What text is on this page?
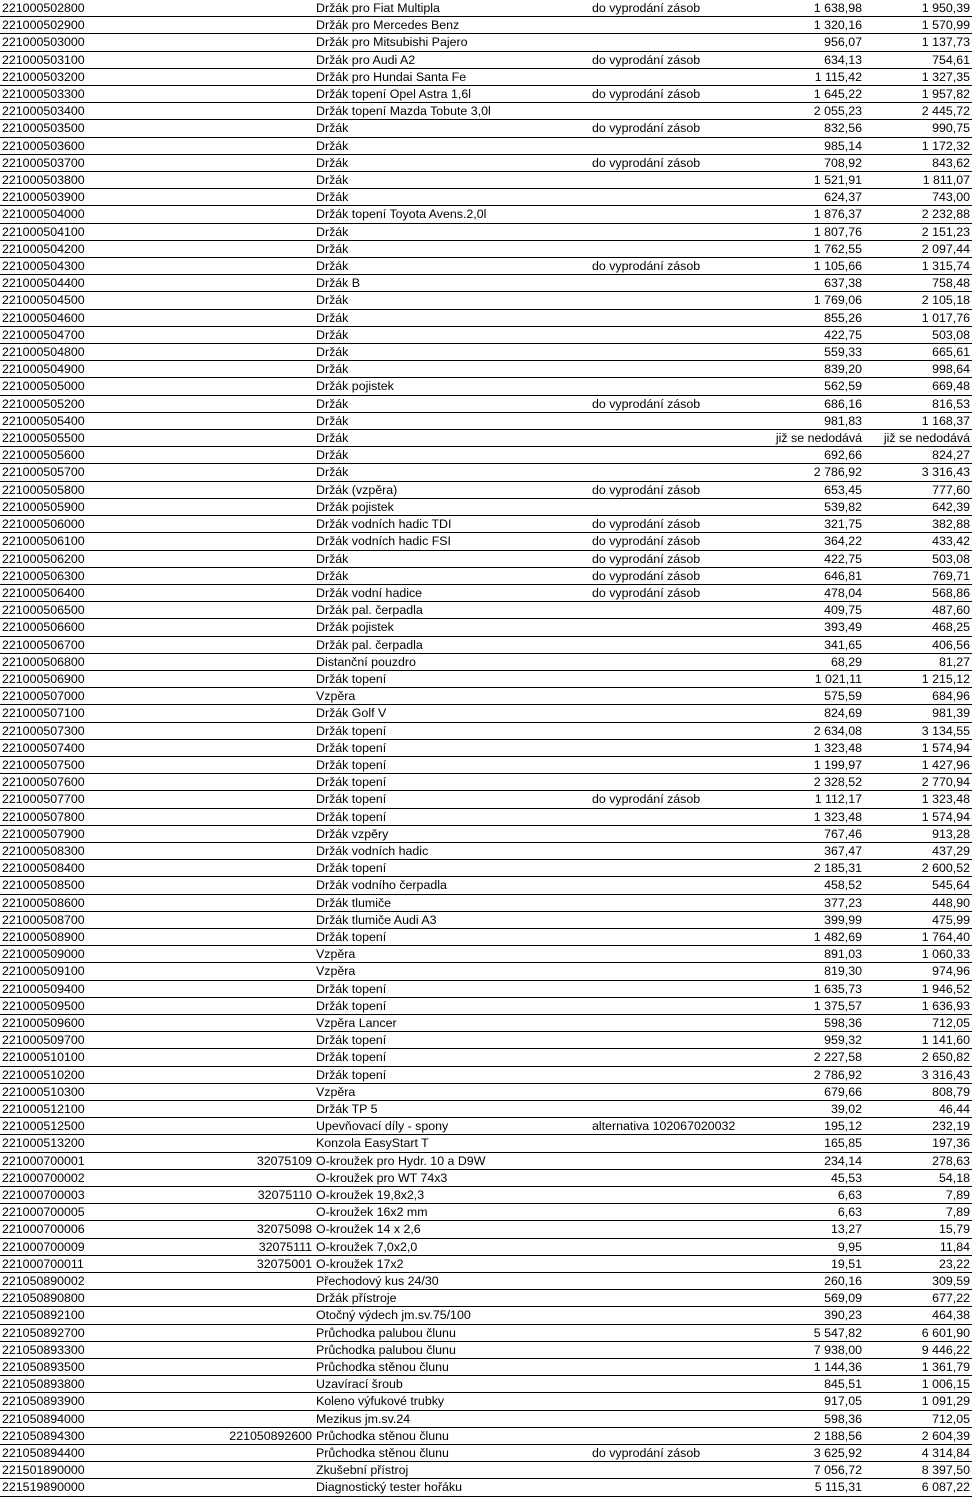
221000502800		Držák pro Fiat Multipla	do vyprodání zásob	1 638,98	1 950,39
221000502900		Držák pro Mercedes Benz		1 320,16	1 570,99
221000503000		Držák pro Mitsubishi Pajero		956,07	1 137,73
221000503100		Držák pro Audi A2	do vyprodání zásob	634,13	754,61
221000503200		Držák pro Hundai Santa Fe		1 115,42	1 327,35
221000503300		Držák topení Opel Astra 1,6l	do vyprodání zásob	1 645,22	1 957,82
221000503400		Držák topení Mazda Tobute 3,0l		2 055,23	2 445,72
221000503500		Držák	do vyprodání zásob	832,56	990,75
221000503600		Držák		985,14	1 172,32
221000503700		Držák	do vyprodání zásob	708,92	843,62
221000503800		Držák		1 521,91	1 811,07
221000503900		Držák		624,37	743,00
221000504000		Držák topení Toyota Avens.2,0l		1 876,37	2 232,88
221000504100		Držák		1 807,76	2 151,23
221000504200		Držák		1 762,55	2 097,44
221000504300		Držák	do vyprodání zásob	1 105,66	1 315,74
221000504400		Držák B		637,38	758,48
221000504500		Držák		1 769,06	2 105,18
221000504600		Držák		855,26	1 017,76
221000504700		Držák		422,75	503,08
221000504800		Držák		559,33	665,61
221000504900		Držák		839,20	998,64
221000505000		Držák pojistek		562,59	669,48
221000505200		Držák	do vyprodání zásob	686,16	816,53
221000505400		Držák		981,83	1 168,37
221000505500		Držák		již se nedodává	již se nedodává
221000505600		Držák		692,66	824,27
221000505700		Držák		2 786,92	3 316,43
221000505800		Držák (vzpěra)	do vyprodání zásob	653,45	777,60
221000505900		Držák pojistek		539,82	642,39
221000506000		Držák vodních hadic TDI	do vyprodání zásob	321,75	382,88
221000506100		Držák vodních hadic FSI	do vyprodání zásob	364,22	433,42
221000506200		Držák	do vyprodání zásob	422,75	503,08
221000506300		Držák	do vyprodání zásob	646,81	769,71
221000506400		Držák vodní hadice	do vyprodání zásob	478,04	568,86
221000506500		Držák pal. čerpadla		409,75	487,60
221000506600		Držák pojistek		393,49	468,25
221000506700		Držák pal. čerpadla		341,65	406,56
221000506800		Distanční pouzdro		68,29	81,27
221000506900		Držák topení		1 021,11	1 215,12
221000507000		Vzpěra		575,59	684,96
221000507100		Držák Golf V		824,69	981,39
221000507300		Držák topení		2 634,08	3 134,55
221000507400		Držák topení		1 323,48	1 574,94
221000507500		Držák topení		1 199,97	1 427,96
221000507600		Držák topení		2 328,52	2 770,94
221000507700		Držák topení	do vyprodání zásob	1 112,17	1 323,48
221000507800		Držák topení		1 323,48	1 574,94
221000507900		Držák vzpěry		767,46	913,28
221000508300		Držák vodních hadic		367,47	437,29
221000508400		Držák topení		2 185,31	2 600,52
221000508500		Držák vodního čerpadla		458,52	545,64
221000508600		Držák tlumiče		377,23	448,90
221000508700		Držák tlumiče Audi A3		399,99	475,99
221000508900		Držák topení		1 482,69	1 764,40
221000509000		Vzpěra		891,03	1 060,33
221000509100		Vzpěra		819,30	974,96
221000509400		Držák topení		1 635,73	1 946,52
221000509500		Držák topení		1 375,57	1 636,93
221000509600		Vzpěra Lancer		598,36	712,05
221000509700		Držák topení		959,32	1 141,60
221000510100		Držák topení		2 227,58	2 650,82
221000510200		Držák topení		2 786,92	3 316,43
221000510300		Vzpěra		679,66	808,79
221000512100		Držák TP 5		39,02	46,44
221000512500		Upevňovací díly - spony	alternativa 102067020032	195,12	232,19
221000513200		Konzola EasyStart T		165,85	197,36
221000700001	32075109	O-kroužek pro Hydr. 10 a D9W		234,14	278,63
221000700002		O-kroužek pro WT 74x3		45,53	54,18
221000700003	32075110	O-kroužek 19,8x2,3		6,63	7,89
221000700005		O-kroužek 16x2 mm		6,63	7,89
221000700006	32075098	O-kroužek 14 x 2,6		13,27	15,79
221000700009	32075111	O-kroužek 7,0x2,0		9,95	11,84
221000700011	32075001	O-kroužek 17x2		19,51	23,22
221050890002		Přechodový kus 24/30		260,16	309,59
221050890800		Držák přístroje		569,09	677,22
221050892100		Otočný výdech jm.sv.75/100		390,23	464,38
221050892700		Průchodka palubou člunu		5 547,82	6 601,90
221050893300		Průchodka palubou člunu		7 938,00	9 446,22
221050893500		Průchodka stěnou člunu		1 144,36	1 361,79
221050893800		Uzavírací šroub		845,51	1 006,15
221050893900		Koleno výfukové trubky		917,05	1 091,29
221050894000		Mezikus jm.sv.24		598,36	712,05
221050894300	221050892600	Průchodka stěnou člunu		2 188,56	2 604,39
221050894400		Průchodka stěnou člunu	do vyprodání zásob	3 625,92	4 314,84
221501890000		Zkušební přístroj		7 056,72	8 397,50
221519890000		Diagnostický tester hořáku		5 115,31	6 087,22
